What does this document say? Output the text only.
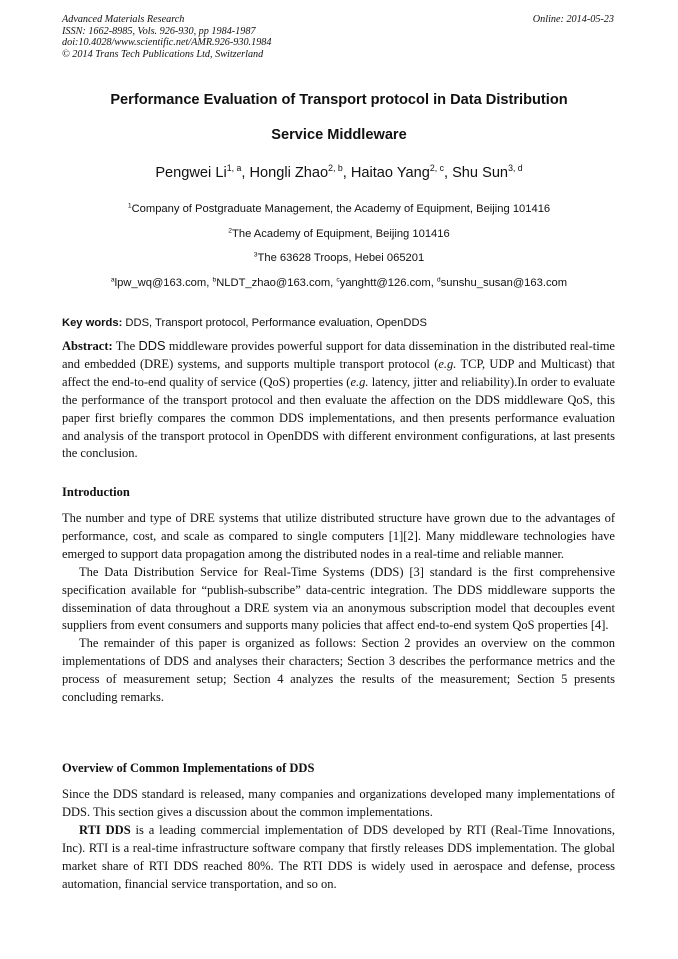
Advanced Materials Research
ISSN: 1662-8985, Vols. 926-930, pp 1984-1987
doi:10.4028/www.scientific.net/AMR.926-930.1984
© 2014 Trans Tech Publications Ltd, Switzerland
Online: 2014-05-23
Performance Evaluation of Transport protocol in Data Distribution
Service Middleware
Pengwei Li$^{1, a}$, Hongli Zhao$^{2, b}$, Haitao Yang$^{2, c}$, Shu Sun$^{3, d}$
$^1$Company of Postgraduate Management, the Academy of Equipment, Beijing 101416
$^2$The Academy of Equipment, Beijing 101416
$^3$The 63628 Troops, Hebei 065201
$^a$lpw_wq@163.com, $^b$NLDT_zhao@163.com, $^c$yanghtt@126.com, $^d$sunshu_susan@163.com
Key words: DDS, Transport protocol, Performance evaluation, OpenDDS
Abstract: The DDS middleware provides powerful support for data dissemination in the distributed real-time and embedded (DRE) systems, and supports multiple transport protocol (e.g. TCP, UDP and Multicast) that affect the end-to-end quality of service (QoS) properties (e.g. latency, jitter and reliability).In order to evaluate the performance of the transport protocol and then evaluate the affection on the DDS middleware QoS, this paper first briefly compares the common DDS implementations, and then presents performance evaluation and analysis of the transport protocol in OpenDDS with different environment configurations, at last presents the conclusion.
Introduction

The number and type of DRE systems that utilize distributed structure have grown due to the advantages of performance, cost, and scale as compared to single computers [1][2]. Many middleware technologies have emerged to support data propagation among the distributed nodes in a real-time and reliable manner.

The Data Distribution Service for Real-Time Systems (DDS) [3] standard is the first comprehensive specification available for “publish-subscribe” data-centric integration. The DDS middleware supports the dissemination of data throughout a DRE system via an anonymous subscription model that decouples event suppliers from event consumers and supports many policies that affect end-to-end system QoS properties [4].

The remainder of this paper is organized as follows: Section 2 provides an overview on the common implementations of DDS and analyses their characters; Section 3 describes the performance metrics and the process of measurement setup; Section 4 analyzes the results of the measurement; Section 5 presents concluding remarks.

Overview of Common Implementations of DDS

Since the DDS standard is released, many companies and organizations developed many implementations of DDS. This section gives a discussion about the common implementations.

RTI DDS is a leading commercial implementation of DDS developed by RTI (Real-Time Innovations, Inc). RTI is a real-time infrastructure software company that firstly releases DDS implementation. The global market share of RTI DDS reached 80%. The RTI DDS is widely used in aerospace and defense, process automation, financial service transportation, and so on.
